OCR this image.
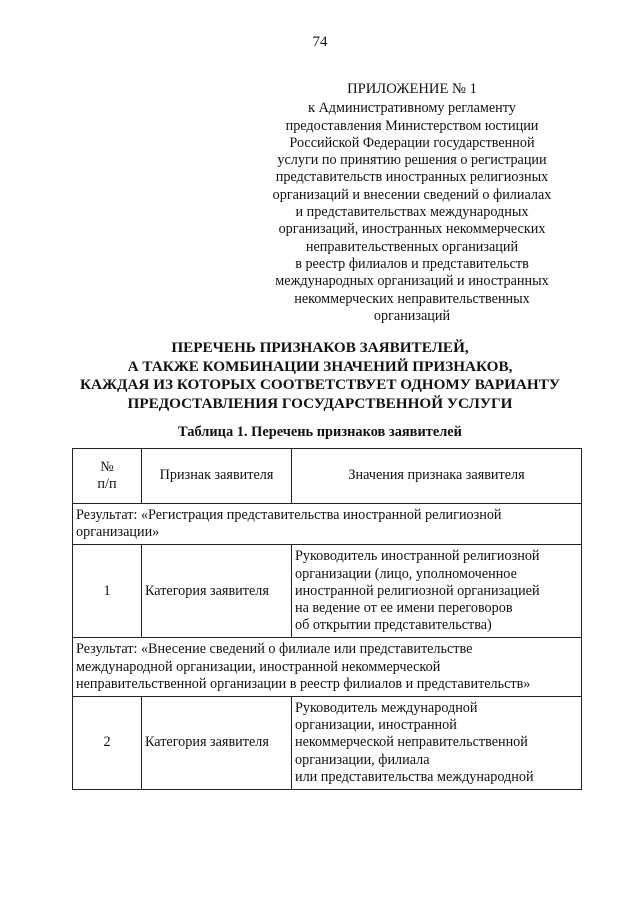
74
ПРИЛОЖЕНИЕ № 1
к Административному регламенту
предоставления Министерством юстиции
Российской Федерации государственной
услуги по принятию решения о регистрации
представительств иностранных религиозных
организаций и внесении сведений о филиалах
и представительствах международных
организаций, иностранных некоммерческих
неправительственных организаций
в реестр филиалов и представительств
международных организаций и иностранных
некоммерческих неправительственных
организаций
ПЕРЕЧЕНЬ ПРИЗНАКОВ ЗАЯВИТЕЛЕЙ,
А ТАКЖЕ КОМБИНАЦИИ ЗНАЧЕНИЙ ПРИЗНАКОВ,
КАЖДАЯ ИЗ КОТОРЫХ СООТВЕТСТВУЕТ ОДНОМУ ВАРИАНТУ
ПРЕДОСТАВЛЕНИЯ ГОСУДАРСТВЕННОЙ УСЛУГИ
Таблица 1. Перечень признаков заявителей
№
п/п	Признак заявителя	Значения признака заявителя

Результат: «Регистрация представительства иностранной религиозной
организации»		

1	Категория заявителя	Руководитель иностранной религиозной
организации (лицо, уполномоченное
иностранной религиозной организацией
на ведение от ее имени переговоров
об открытии представительства)

Результат: «Внесение сведений о филиале или представительстве
международной организации, иностранной некоммерческой
неправительственной организации в реестр филиалов и представительств»		

2	Категория заявителя	Руководитель международной
организации, иностранной
некоммерческой неправительственной
организации, филиала
или представительства международной
